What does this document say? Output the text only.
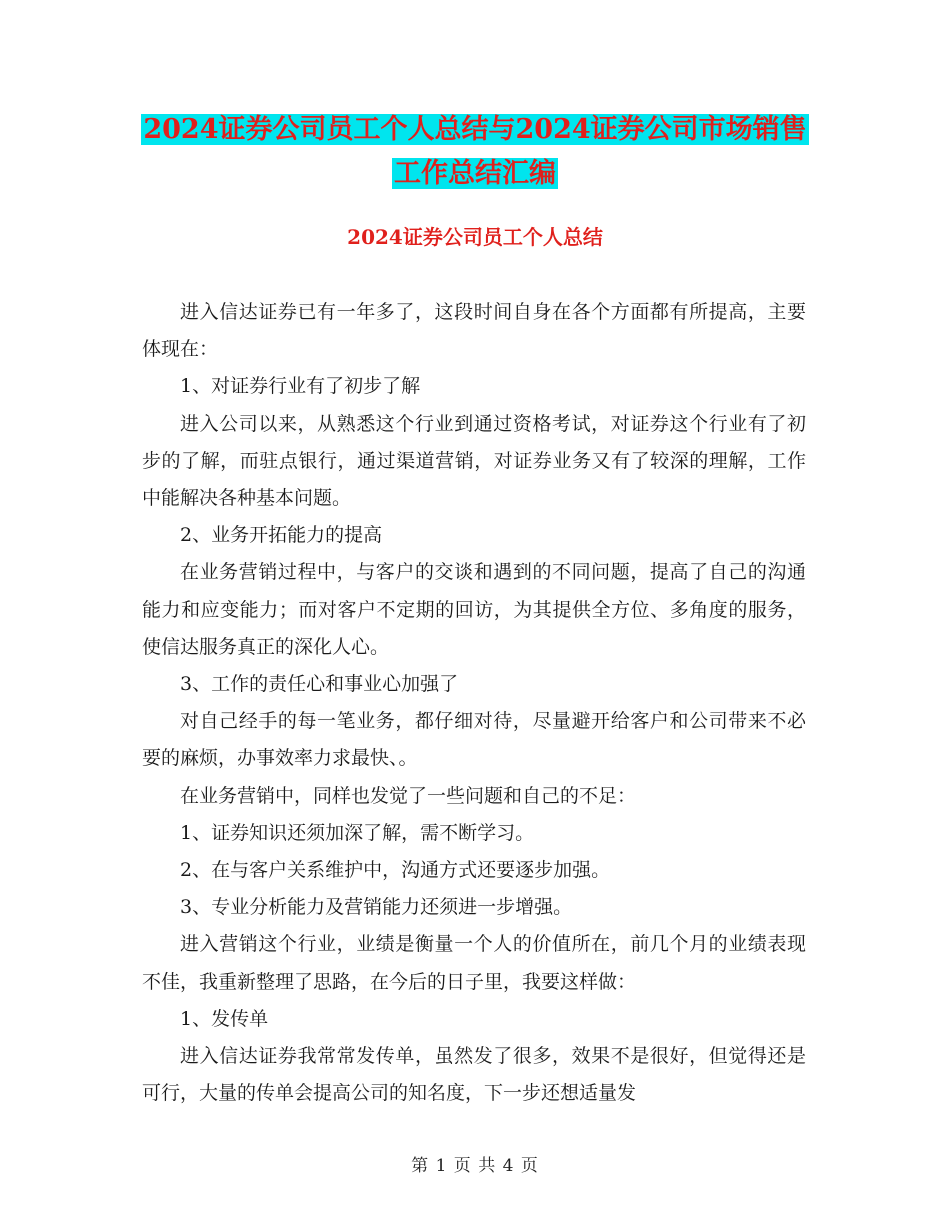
2024证券公司员工个人总结与2024证券公司市场销售
工作总结汇编
2024证券公司员工个人总结

进入信达证券已有一年多了，这段时间自身在各个方面都有所提高，主要体现在：

1、对证券行业有了初步了解

进入公司以来，从熟悉这个行业到通过资格考试，对证券这个行业有了初步的了解，而驻点银行，通过渠道营销，对证券业务又有了较深的理解，工作中能解决各种基本问题。

2、业务开拓能力的提高

在业务营销过程中，与客户的交谈和遇到的不同问题，提高了自己的沟通能力和应变能力；而对客户不定期的回访，为其提供全方位、多角度的服务，使信达服务真正的深化人心。

3、工作的责任心和事业心加强了

对自己经手的每一笔业务，都仔细对待，尽量避开给客户和公司带来不必要的麻烦，办事效率力求最快、。

在业务营销中，同样也发觉了一些问题和自己的不足：

1、证券知识还须加深了解，需不断学习。

2、在与客户关系维护中，沟通方式还要逐步加强。

3、专业分析能力及营销能力还须进一步增强。

进入营销这个行业，业绩是衡量一个人的价值所在，前几个月的业绩表现不佳，我重新整理了思路，在今后的日子里，我要这样做：

1、发传单

进入信达证券我常常发传单，虽然发了很多，效果不是很好，但觉得还是可行，大量的传单会提高公司的知名度，下一步还想适量发

第 1 页 共 4 页
